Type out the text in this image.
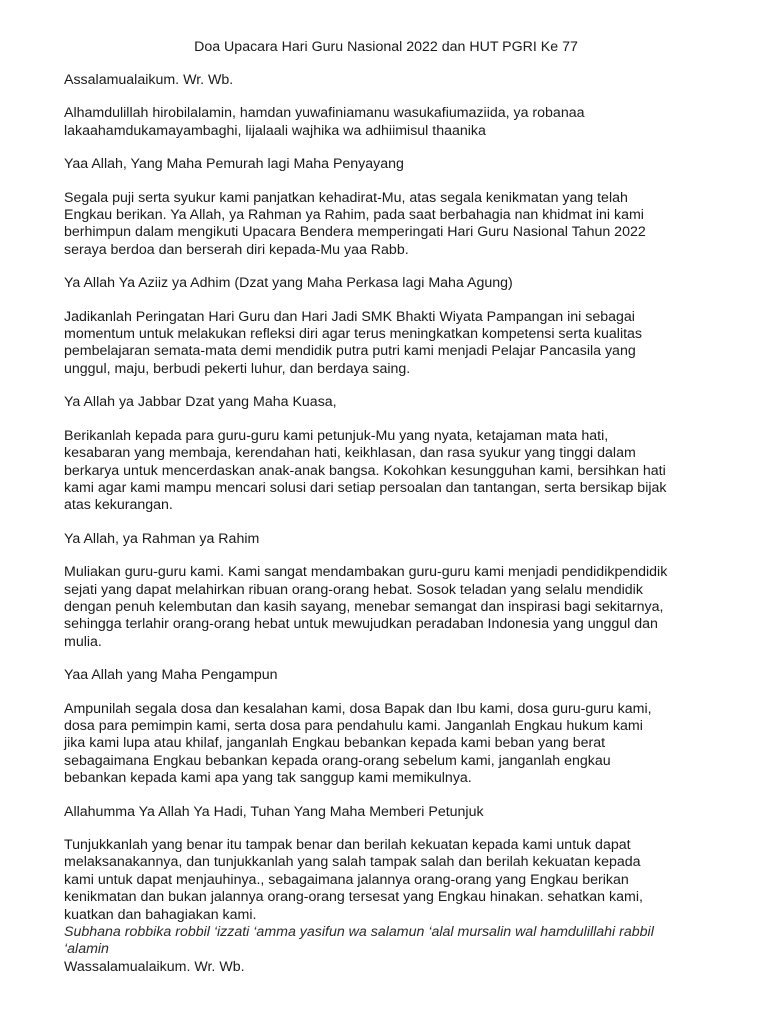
Doa Upacara Hari Guru Nasional 2022 dan HUT PGRI Ke 77
Assalamualaikum. Wr. Wb.
Alhamdulillah hirobilalamin, hamdan yuwafiniamanu wasukafiumaziida, ya robanaa
lakaahamdukamayambaghi, lijalaali wajhika wa adhiimisul thaanika
Yaa Allah, Yang Maha Pemurah lagi Maha Penyayang
Segala puji serta syukur kami panjatkan kehadirat-Mu, atas segala kenikmatan yang telah
Engkau berikan. Ya Allah, ya Rahman ya Rahim, pada saat berbahagia nan khidmat ini kami
berhimpun dalam mengikuti Upacara Bendera memperingati Hari Guru Nasional Tahun 2022
seraya berdoa dan berserah diri kepada-Mu yaa Rabb.
Ya Allah Ya Aziiz ya Adhim (Dzat yang Maha Perkasa lagi Maha Agung)
Jadikanlah Peringatan Hari Guru dan Hari Jadi SMK Bhakti Wiyata Pampangan ini sebagai
momentum untuk melakukan refleksi diri agar terus meningkatkan kompetensi serta kualitas
pembelajaran semata-mata demi mendidik putra putri kami menjadi Pelajar Pancasila yang
unggul, maju, berbudi pekerti luhur, dan berdaya saing.
Ya Allah ya Jabbar Dzat yang Maha Kuasa,
Berikanlah kepada para guru-guru kami petunjuk-Mu yang nyata, ketajaman mata hati,
kesabaran yang membaja, kerendahan hati, keikhlasan, dan rasa syukur yang tinggi dalam
berkarya untuk mencerdaskan anak-anak bangsa. Kokohkan kesungguhan kami, bersihkan hati
kami agar kami mampu mencari solusi dari setiap persoalan dan tantangan, serta bersikap bijak
atas kekurangan.
Ya Allah, ya Rahman ya Rahim
Muliakan guru-guru kami. Kami sangat mendambakan guru-guru kami menjadi pendidikpendidik
sejati yang dapat melahirkan ribuan orang-orang hebat. Sosok teladan yang selalu mendidik
dengan penuh kelembutan dan kasih sayang, menebar semangat dan inspirasi bagi sekitarnya,
sehingga terlahir orang-orang hebat untuk mewujudkan peradaban Indonesia yang unggul dan
mulia.
Yaa Allah yang Maha Pengampun
Ampunilah segala dosa dan kesalahan kami, dosa Bapak dan Ibu kami, dosa guru-guru kami,
dosa para pemimpin kami, serta dosa para pendahulu kami. Janganlah Engkau hukum kami
jika kami lupa atau khilaf, janganlah Engkau bebankan kepada kami beban yang berat
sebagaimana Engkau bebankan kepada orang-orang sebelum kami, janganlah engkau
bebankan kepada kami apa yang tak sanggup kami memikulnya.
Allahumma Ya Allah Ya Hadi, Tuhan Yang Maha Memberi Petunjuk
Tunjukkanlah yang benar itu tampak benar dan berilah kekuatan kepada kami untuk dapat
melaksanakannya, dan tunjukkanlah yang salah tampak salah dan berilah kekuatan kepada
kami untuk dapat menjauhinya., sebagaimana jalannya orang-orang yang Engkau berikan
kenikmatan dan bukan jalannya orang-orang tersesat yang Engkau hinakan. sehatkan kami,
kuatkan dan bahagiakan kami.
Subhana robbika robbil ‘izzati ‘amma yasifun wa salamun ‘alal mursalin wal hamdulillahi rabbil
‘alamin
Wassalamualaikum. Wr. Wb.
